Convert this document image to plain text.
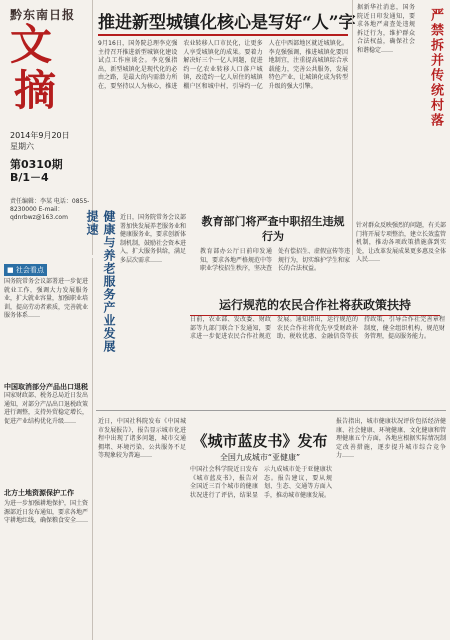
黔东南日报
文
摘
2014年9月20日
星期六
第0310期
B/1－4
责任编辑：李某 电话：0855-8230000 E-mail：qdnrbwz@163.com
■ 社会看点
国务院常务会议部署进一步促进就业工作，强调大力发展服务业，扩大就业容量，加强职业培训，提高劳动者素质，完善就业服务体系……
中国取消部分产品出口退税
国家财政部、税务总局近日发出通知，对部分产品出口退税政策进行调整，支持外贸稳定增长，促进产业结构优化升级……
北方土地资源保护工作
为进一步加强耕地保护，国土资源部近日发布通知，要求各地严守耕地红线，确保粮食安全……
推进新型城镇化核心是写好“人”字
9月16日，国务院总理李克强主持召开推进新型城镇化建设试点工作座谈会。李克强指出，新型城镇化是现代化的必由之路，是最大的内需潜力所在，要坚持以人为核心，推进农业转移人口市民化，让更多人享受城镇化的成果。要着力解决好三个一亿人问题，促进约一亿农业转移人口落户城镇，改造约一亿人居住的城镇棚户区和城中村，引导约一亿人在中西部地区就近城镇化。李克强强调，推进城镇化要因地制宜，注重提高城镇综合承载能力，完善公共服务，发展特色产业，让城镇化成为转型升级的强大引擎。
据新华社消息，国务院近日印发通知，要求各地严肃查处违规拆迁行为，维护群众合法权益，确保社会和谐稳定……	严禁拆并传统村落
健康与养老服务产业发展提速	近日，国务院常务会议部署加快发展养老服务业和健康服务业，要求创新体制机制，鼓励社会资本进入，扩大服务供给，满足多层次需求……
教育部门将严查中职招生违规行为
教育部办公厅日前印发通知，要求各地严格规范中等职业学校招生秩序，坚决查处有偿招生、虚假宣传等违规行为，切实维护学生和家长的合法权益。
针对群众反映强烈的问题，有关部门将开展专项整治，建立长效监管机制，推动各项政策措施落到实处，让改革发展成果更多惠及全体人民……
运行规范的农民合作社将获政策扶持
日前，农业部、发改委、财政部等九部门联合下发通知，要求进一步促进农民合作社规范发展。通知指出，运行规范的农民合作社将优先享受财政补助、税收优惠、金融信贷等扶持政策，引导合作社完善章程制度，健全组织机构，规范财务管理，提高服务能力。
近日，中国社科院发布《中国城市发展报告》，报告显示城市化进程中出现了诸多问题，城市交通拥堵、环境污染、公共服务不足等现象较为普遍……
《城市蓝皮书》发布
全国九成城市“亚健康”
中国社会科学院近日发布《城市蓝皮书》，报告对全国近三百个城市的健康状况进行了评估，结果显示九成城市处于亚健康状态。报告建议，要从规划、生态、交通等方面入手，推动城市健康发展。
报告指出，城市健康状况评价包括经济健康、社会健康、环境健康、文化健康和管理健康五个方面，各地应根据实际情况制定改善措施，逐步提升城市综合竞争力……
